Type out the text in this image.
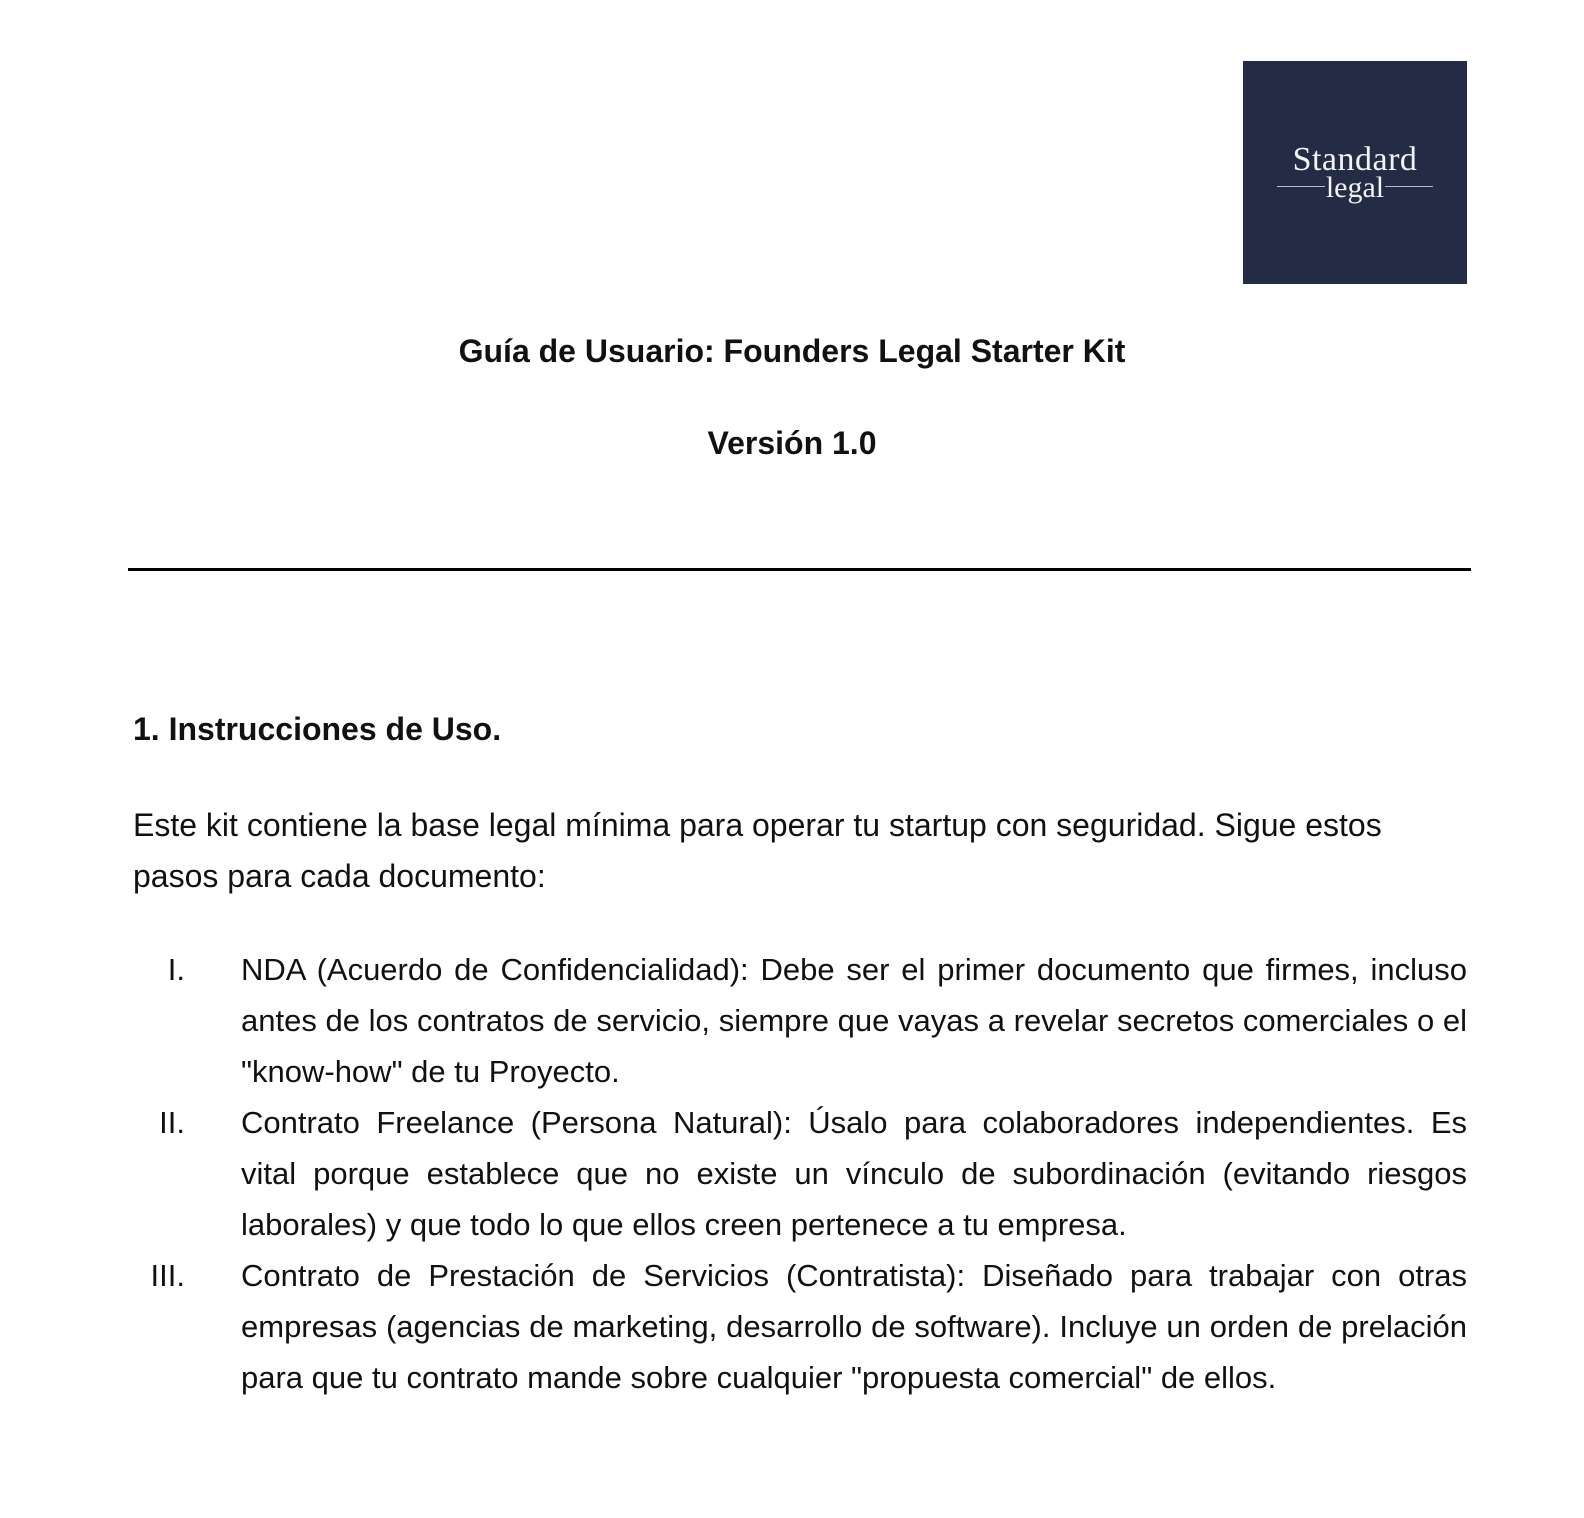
Standard
legal
Guía de Usuario: Founders Legal Starter Kit
Versión 1.0
1. Instrucciones de Uso.
Este kit contiene la base legal mínima para operar tu startup con seguridad. Sigue estos pasos para cada documento:
I. NDA (Acuerdo de Confidencialidad): Debe ser el primer documento que firmes, incluso antes de los contratos de servicio, siempre que vayas a revelar secretos comerciales o el "know-how" de tu Proyecto.
II. Contrato Freelance (Persona Natural): Úsalo para colaboradores independientes. Es vital porque establece que no existe un vínculo de subordinación (evitando riesgos laborales) y que todo lo que ellos creen pertenece a tu empresa.
III. Contrato de Prestación de Servicios (Contratista): Diseñado para trabajar con otras empresas (agencias de marketing, desarrollo de software). Incluye un orden de prelación para que tu contrato mande sobre cualquier "propuesta comercial" de ellos.
